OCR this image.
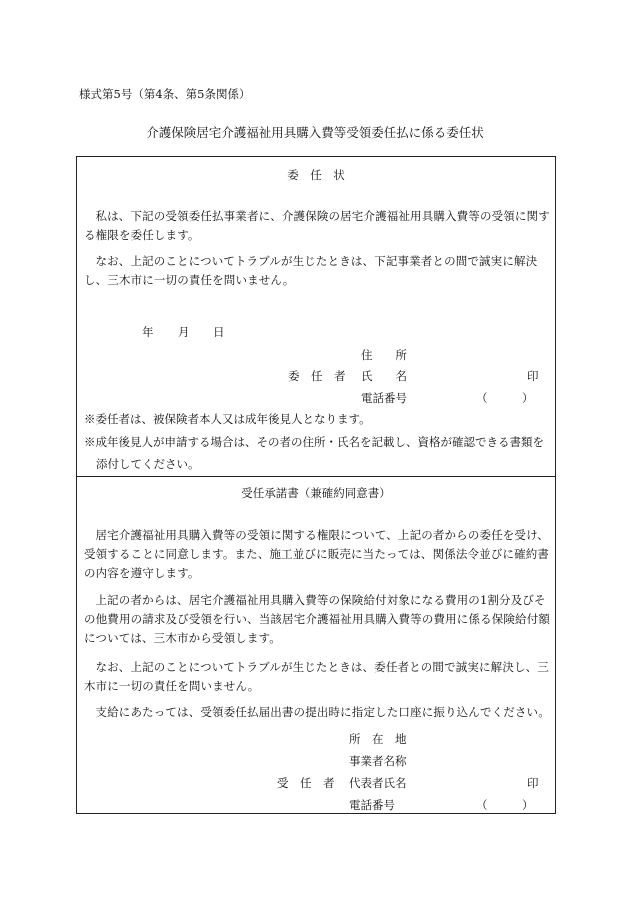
様式第5号（第4条、第5条関係）
介護保険居宅介護福祉用具購入費等受領委任払に係る委任状
委　任　状
私は、下記の受領委任払事業者に、介護保険の居宅介護福祉用具購入費等の受領に関する権限を委任します。
なお、上記のことについてトラブルが生じたときは、下記事業者との間で誠実に解決し、三木市に一切の責任を問いません。
年 月 日
住　　所
委　任　者 氏　　名	印
電話番号	（　　　）
※委任者は、被保険者本人又は成年後見人となります。
※成年後見人が申請する場合は、その者の住所・氏名を記載し、資格が確認できる書類を
添付してください。
受任承諾書（兼確約同意書）
居宅介護福祉用具購入費等の受領に関する権限について、上記の者からの委任を受け、受領することに同意します。また、施工並びに販売に当たっては、関係法令並びに確約書の内容を遵守します。
上記の者からは、居宅介護福祉用具購入費等の保険給付対象になる費用の1割分及びその他費用の請求及び受領を行い、当該居宅介護福祉用具購入費等の費用に係る保険給付額については、三木市から受領します。
なお、上記のことについてトラブルが生じたときは、委任者との間で誠実に解決し、三木市に一切の責任を問いません。
支給にあたっては、受領委任払届出書の提出時に指定した口座に振り込んでください。
所　在　地
事業者名称
受　任　者 代表者氏名	印
電話番号	（　　　）
